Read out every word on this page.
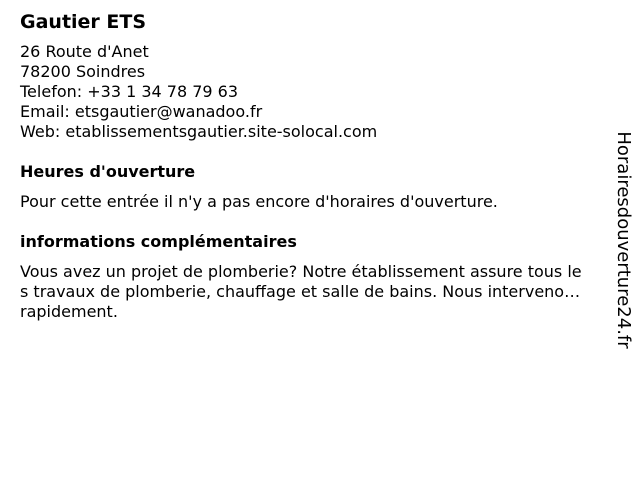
Gautier ETS
26 Route d'Anet
78200 Soindres
Telefon: +33 1 34 78 79 63
Email: etsgautier@wanadoo.fr
Web: etablissementsgautier.site-solocal.com
Heures d'ouverture
Pour cette entrée il n'y a pas encore d'horaires d'ouverture.
informations complémentaires
Vous avez un projet de plomberie? Notre établissement assure tous les travaux de plomberie, chauffage et salle de bains. Nous intervenons rapidement.	Horairesdouverture24.fr
